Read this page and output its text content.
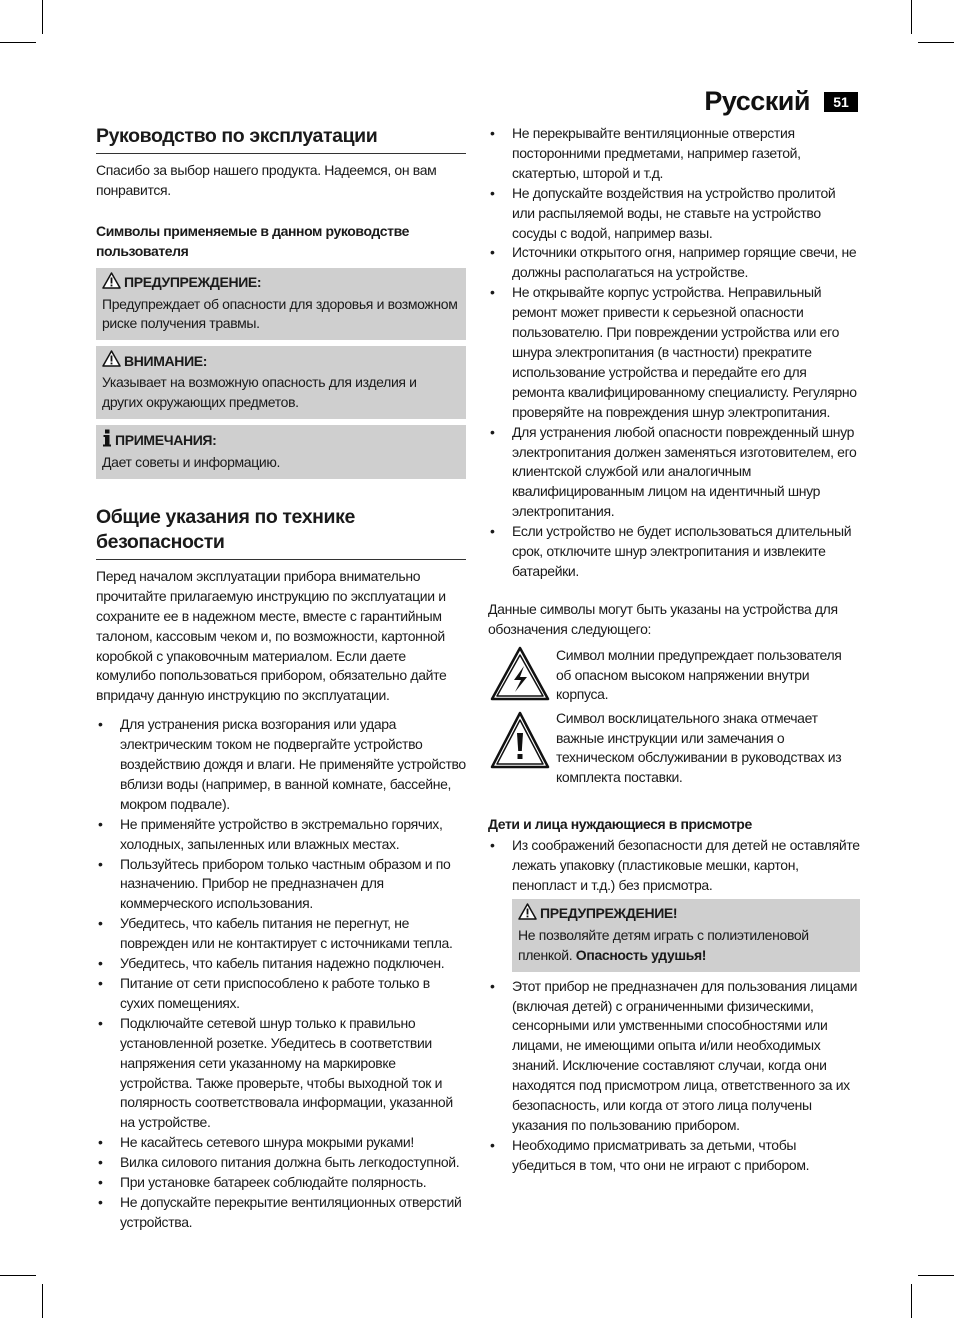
Русский	51
Руководство по эксплуатации

Спасибо за выбор нашего продукта. Надеемся, он вам понравится.

Символы применяемые в данном руководстве пользователя
ПРЕДУПРЕЖДЕНИЕ:
Предупреждает об опасности для здоровья и возможном риске получения травмы.
ВНИМАНИЕ:
Указывает на возможную опасность для изделия и других окружающих предметов.
ПРИМЕЧАНИЯ:
Дает советы и информацию.
Общие указания по технике безопасности

Перед началом эксплуатации прибора внимательно прочитайте прилагаемую инструкцию по эксплуатации и сохраните ее в надежном месте, вместе с гарантийным талоном, кассовым чеком и, по возможности, картонной коробкой с упаковочным материалом. Если даете комулибо попользоваться прибором, обязательно дайте впридачу данную инструкцию по эксплуатации.

• Для устранения риска возгорания или удара электрическим током не подвергайте устройство воздействию дождя и влаги. Не применяйте устройство вблизи воды (например, в ванной комнате, бассейне, мокром подвале).
• Не применяйте устройство в экстремально горячих, холодных, запыленных или влажных местах.
• Пользуйтесь прибором только частным образом и по назначению. Прибор не предназначен для коммерческого использования.
• Убедитесь, что кабель питания не перегнут, не поврежден или не контактирует с источниками тепла.
• Убедитесь, что кабель питания надежно подключен.
• Питание от сети приспособлено к работе только в сухих помещениях.
• Подключайте сетевой шнур только к правильно установленной розетке. Убедитесь в соответствии напряжения сети указанному на маркировке устройства. Также проверьте, чтобы выходной ток и полярность соответствовала информации, указанной на устройстве.
• Не касайтесь сетевого шнура мокрыми руками!
• Вилка силового питания должна быть легкодоступной.
• При установке батареек соблюдайте полярность.
• Не допускайте перекрытие вентиляционных отверстий устройства.
• Не перекрывайте вентиляционные отверстия посторонними предметами, например газетой, скатертью, шторой и т.д.
• Не допускайте воздействия на устройство пролитой или распыляемой воды, не ставьте на устройство сосуды с водой, например вазы.
• Источники открытого огня, например горящие свечи, не должны располагаться на устройстве.
• Не открывайте корпус устройства. Неправильный ремонт может привести к серьезной опасности пользователю. При повреждении устройства или его шнура электропитания (в частности) прекратите использование устройства и передайте его для ремонта квалифицированному специалисту. Регулярно проверяйте на повреждения шнур электропитания.
• Для устранения любой опасности поврежденный шнур электропитания должен заменяться изготовителем, его клиентской службой или аналогичным квалифицированным лицом на идентичный шнур электропитания.
• Если устройство не будет использоваться длительный срок, отключите шнур электропитания и извлеките батарейки.

Данные символы могут быть указаны на устройства для обозначения следующего:

Символ молнии предупреждает пользователя об опасном высоком напряжении внутри корпуса.
Символ восклицательного знака отмечает важные инструкции или замечания о техническом обслуживании в руководствах из комплекта поставки.
Дети и лица нуждающиеся в присмотре
• Из соображений безопасности для детей не оставляйте лежать упаковку (пластиковые мешки, картон, пенопласт и т.д.) без присмотра.
ПРЕДУПРЕЖДЕНИЕ!
Не позволяйте детям играть с полиэтиленовой пленкой. Опасность удушья!
• Этот прибор не предназначен для пользования лицами (включая детей) с ограниченными физическими, сенсорными или умственными способностями или лицами, не имеющими опыта и/или необходимых знаний. Исключение составляют случаи, когда они находятся под присмотром лица, ответственного за их безопасность, или когда от этого лица получены указания по пользованию прибором.
• Необходимо присматривать за детьми, чтобы убедиться в том, что они не играют с прибором.
